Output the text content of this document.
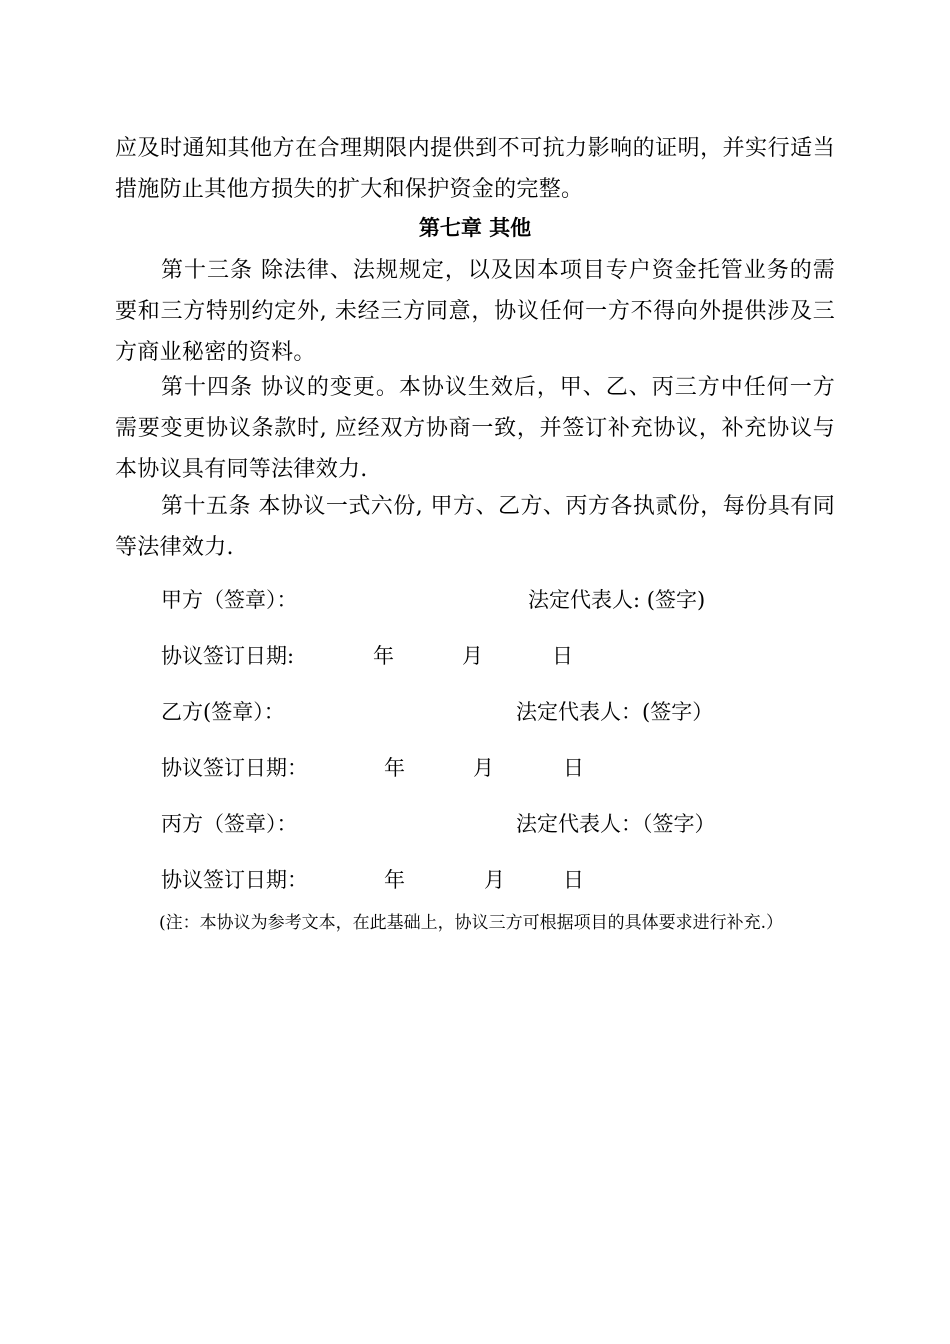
应及时通知其他方在合理期限内提供到不可抗力影响的证明，并实行适当措施防止其他方损失的扩大和保护资金的完整。
第七章 其他
第十三条 除法律、法规规定，以及因本项目专户资金托管业务的需要和三方特别约定外, 未经三方同意，协议任何一方不得向外提供涉及三方商业秘密的资料。
第十四条 协议的变更。本协议生效后，甲、乙、丙三方中任何一方需要变更协议条款时, 应经双方协商一致，并签订补充协议，补充协议与本协议具有同等法律效力.
第十五条 本协议一式六份, 甲方、乙方、丙方各执贰份，每份具有同等法律效力.
甲方（签章）：	法定代表人: (签字)
协议签订日期:	年	月	日
乙方(签章）：	法定代表人：(签字）
协议签订日期：	年	月	日
丙方（签章）：	法定代表人：（签字）
协议签订日期：	年	月	日
(注：本协议为参考文本，在此基础上，协议三方可根据项目的具体要求进行补充.）
